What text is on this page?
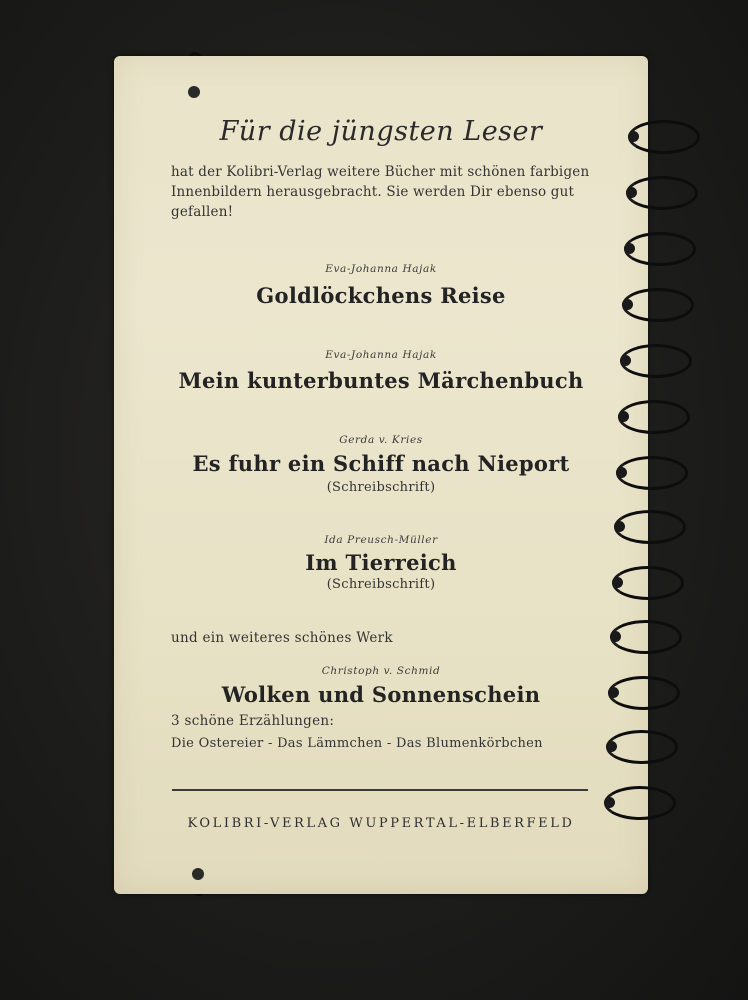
Für die jüngsten Leser
hat der Kolibri-Verlag weitere Bücher mit schönen farbigen Innenbildern herausgebracht. Sie werden Dir ebenso gut gefallen!
Eva-Johanna Hajak
Goldlöckchens Reise
Eva-Johanna Hajak
Mein kunterbuntes Märchenbuch
Gerda v. Kries
Es fuhr ein Schiff nach Nieport
(Schreibschrift)
Ida Preusch-Müller
Im Tierreich
(Schreibschrift)
und ein weiteres schönes Werk
Christoph v. Schmid
Wolken und Sonnenschein
3 schöne Erzählungen:
Die Ostereier - Das Lämmchen - Das Blumenkörbchen
KOLIBRI-VERLAG WUPPERTAL-ELBERFELD
